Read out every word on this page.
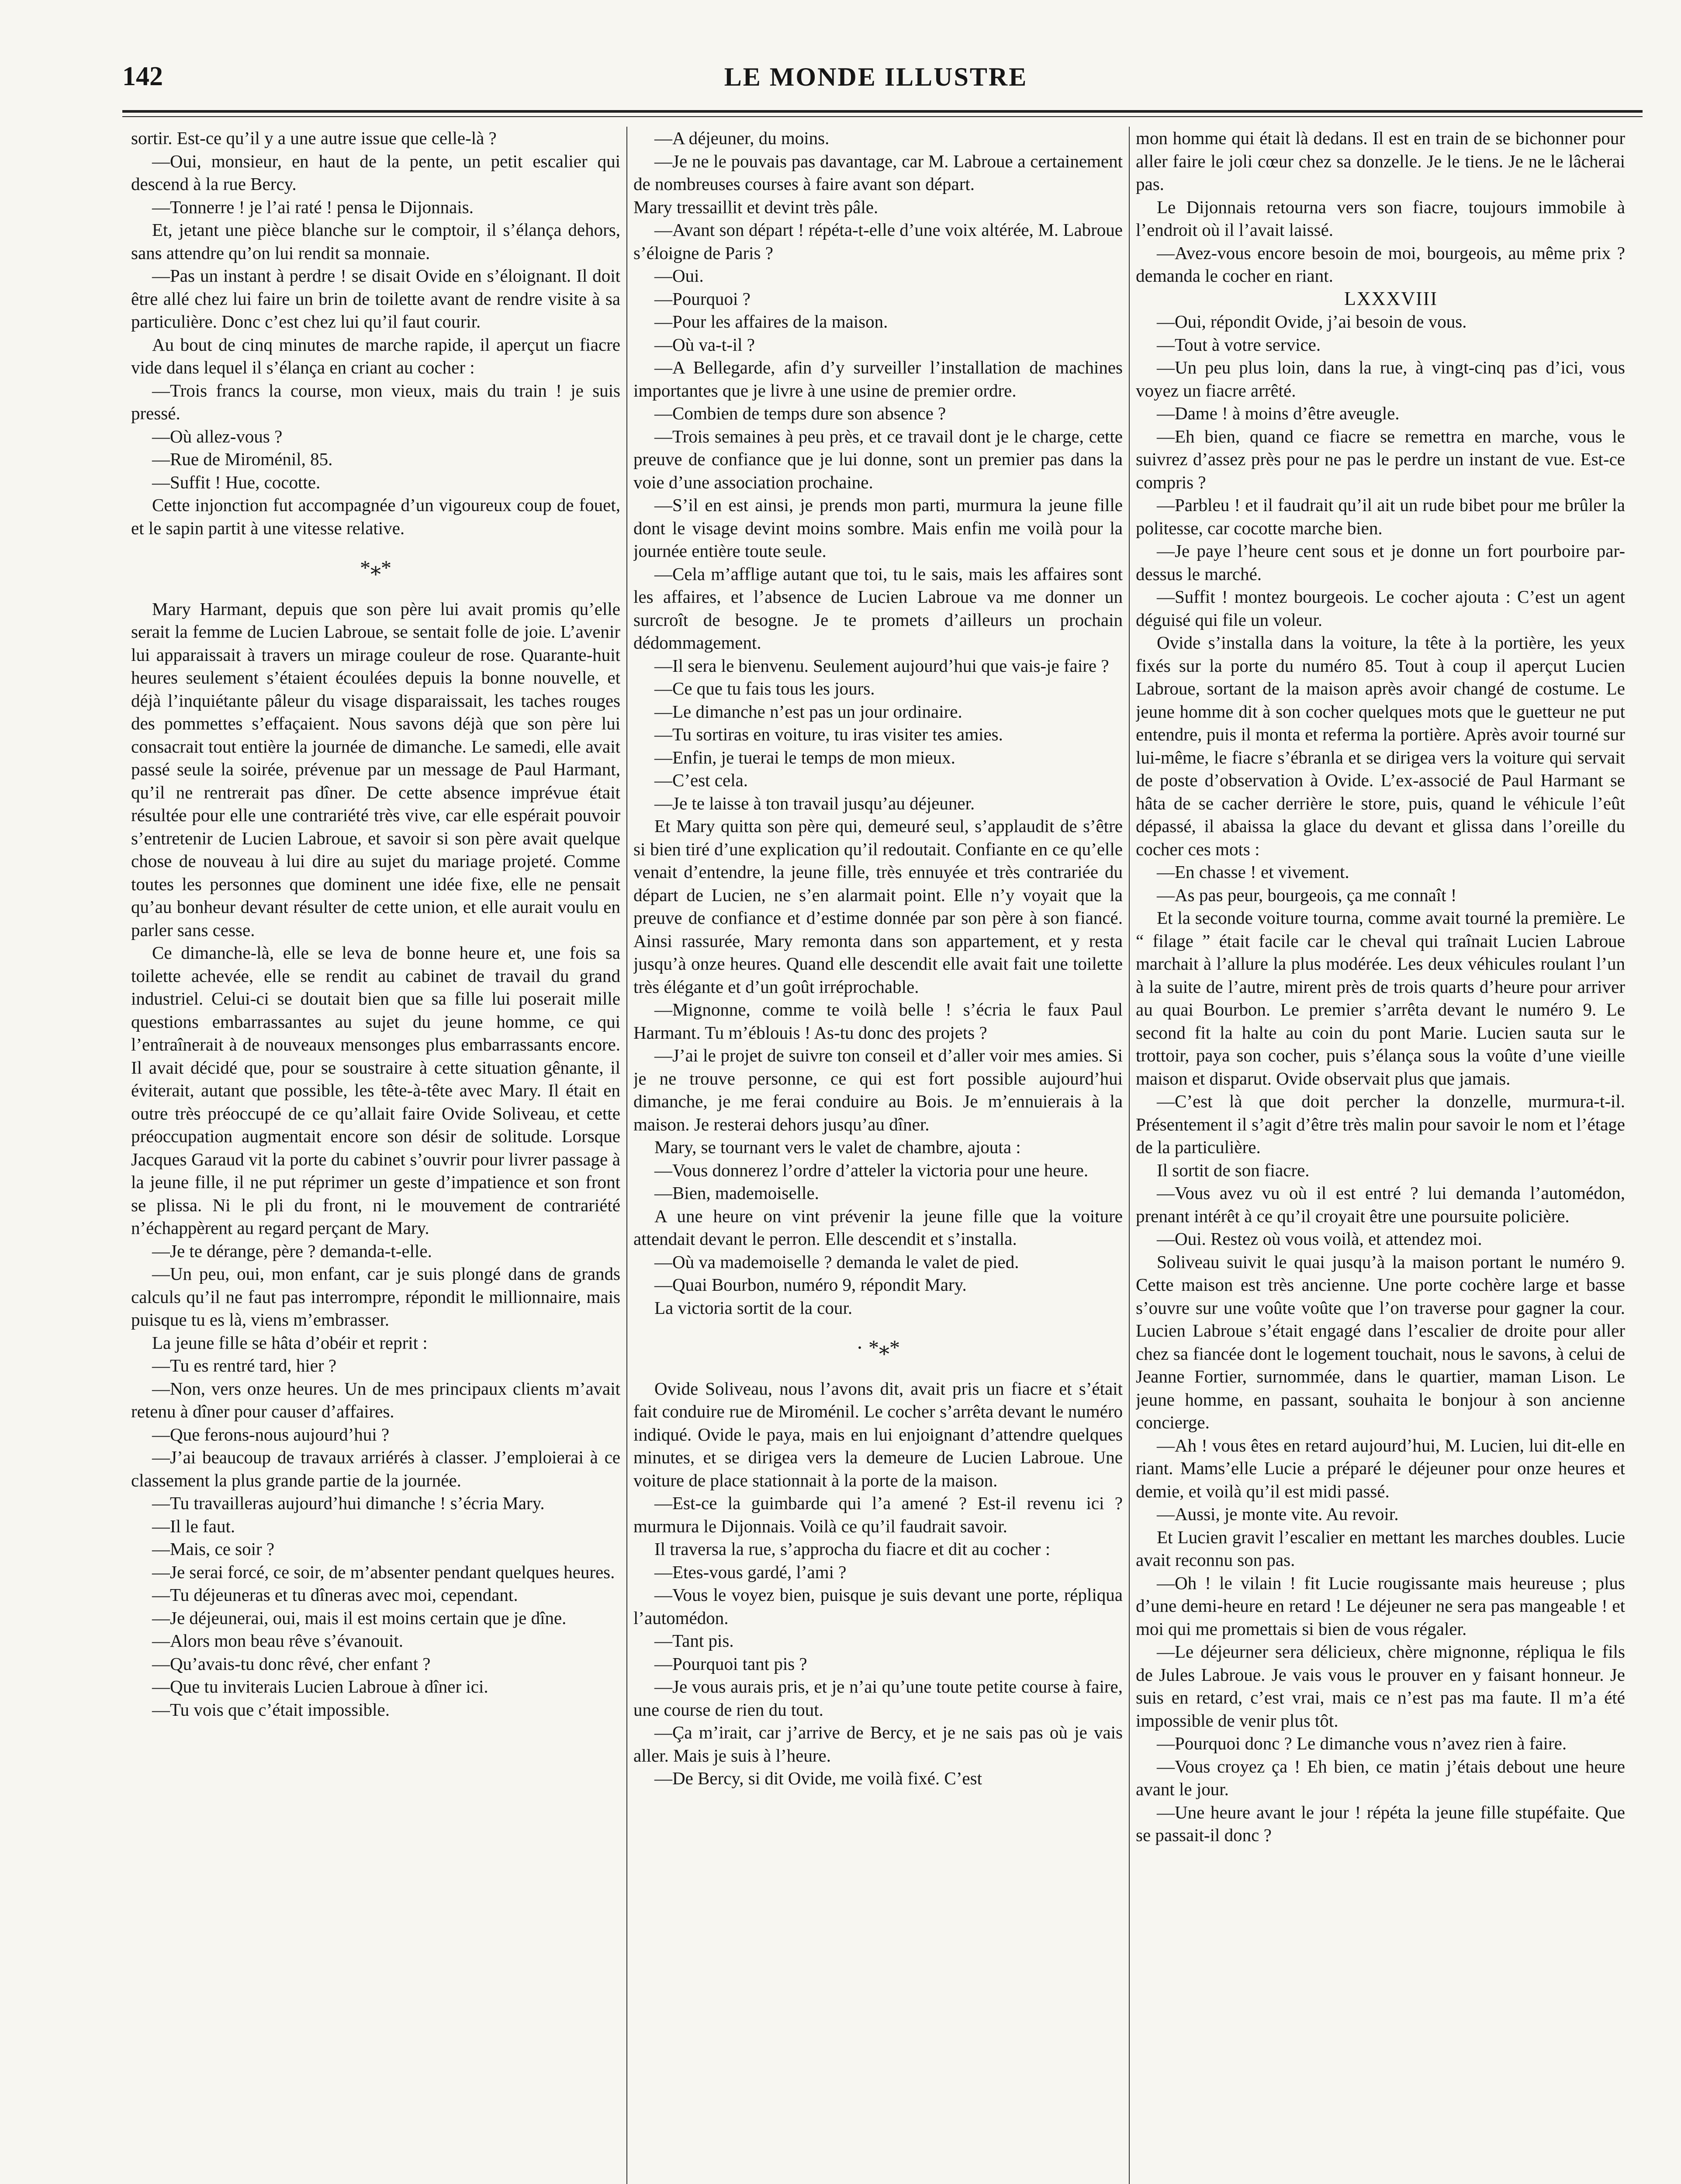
142	LE MONDE ILLUSTRE

sortir. Est-ce qu’il y a une autre issue que celle-là ?

—Oui, monsieur, en haut de la pente, un petit escalier qui descend à la rue Bercy.

—Tonnerre ! je l’ai raté ! pensa le Dijonnais.

Et, jetant une pièce blanche sur le comptoir, il s’élança dehors, sans attendre qu’on lui rendit sa monnaie.

—Pas un instant à perdre ! se disait Ovide en s’éloignant. Il doit être allé chez lui faire un brin de toilette avant de rendre visite à sa particulière. Donc c’est chez lui qu’il faut courir.

Au bout de cinq minutes de marche rapide, il aperçut un fiacre vide dans lequel il s’élança en criant au cocher :

—Trois francs la course, mon vieux, mais du train ! je suis pressé.

—Où allez-vous ?

—Rue de Miroménil, 85.

—Suffit ! Hue, cocotte.

Cette injonction fut accompagnée d’un vigoureux coup de fouet, et le sapin partit à une vitesse relative.

*⁎*

Mary Harmant, depuis que son père lui avait promis qu’elle serait la femme de Lucien Labroue, se sentait folle de joie. L’avenir lui apparaissait à travers un mirage couleur de rose. Quarante-huit heures seulement s’étaient écoulées depuis la bonne nouvelle, et déjà l’inquiétante pâleur du visage disparaissait, les taches rouges des pommettes s’effaçaient. Nous savons déjà que son père lui consacrait tout entière la journée de dimanche. Le samedi, elle avait passé seule la soirée, prévenue par un message de Paul Harmant, qu’il ne rentrerait pas dîner. De cette absence imprévue était résultée pour elle une contrariété très vive, car elle espérait pouvoir s’entretenir de Lucien Labroue, et savoir si son père avait quelque chose de nouveau à lui dire au sujet du mariage projeté. Comme toutes les personnes que dominent une idée fixe, elle ne pensait qu’au bonheur devant résulter de cette union, et elle aurait voulu en parler sans cesse.

Ce dimanche-là, elle se leva de bonne heure et, une fois sa toilette achevée, elle se rendit au cabinet de travail du grand industriel. Celui-ci se doutait bien que sa fille lui poserait mille questions embarrassantes au sujet du jeune homme, ce qui l’entraînerait à de nouveaux mensonges plus embarrassants encore. Il avait décidé que, pour se soustraire à cette situation gênante, il éviterait, autant que possible, les tête-à-tête avec Mary. Il était en outre très préoccupé de ce qu’allait faire Ovide Soliveau, et cette préoccupation augmentait encore son désir de solitude. Lorsque Jacques Garaud vit la porte du cabinet s’ouvrir pour livrer passage à la jeune fille, il ne put réprimer un geste d’impatience et son front se plissa. Ni le pli du front, ni le mouvement de contrariété n’échappèrent au regard perçant de Mary.

—Je te dérange, père ? demanda-t-elle.

—Un peu, oui, mon enfant, car je suis plongé dans de grands calculs qu’il ne faut pas interrompre, répondit le millionnaire, mais puisque tu es là, viens m’embrasser.

La jeune fille se hâta d’obéir et reprit :

—Tu es rentré tard, hier ?

—Non, vers onze heures. Un de mes principaux clients m’avait retenu à dîner pour causer d’affaires.

—Que ferons-nous aujourd’hui ?

—J’ai beaucoup de travaux arriérés à classer. J’emploierai à ce classement la plus grande partie de la journée.

—Tu travailleras aujourd’hui dimanche ! s’écria Mary.

—Il le faut.

—Mais, ce soir ?

—Je serai forcé, ce soir, de m’absenter pendant quelques heures.

—Tu déjeuneras et tu dîneras avec moi, cependant.

—Je déjeunerai, oui, mais il est moins certain que je dîne.

—Alors mon beau rêve s’évanouit.

—Qu’avais-tu donc rêvé, cher enfant ?

—Que tu inviterais Lucien Labroue à dîner ici.

—Tu vois que c’était impossible.

—A déjeuner, du moins.

—Je ne le pouvais pas davantage, car M. Labroue a certainement de nombreuses courses à faire avant son départ.

Mary tressaillit et devint très pâle.

—Avant son départ ! répéta-t-elle d’une voix altérée, M. Labroue s’éloigne de Paris ?

—Oui.

—Pourquoi ?

—Pour les affaires de la maison.

—Où va-t-il ?

—A Bellegarde, afin d’y surveiller l’installation de machines importantes que je livre à une usine de premier ordre.

—Combien de temps dure son absence ?

—Trois semaines à peu près, et ce travail dont je le charge, cette preuve de confiance que je lui donne, sont un premier pas dans la voie d’une association prochaine.

—S’il en est ainsi, je prends mon parti, murmura la jeune fille dont le visage devint moins sombre. Mais enfin me voilà pour la journée entière toute seule.

—Cela m’afflige autant que toi, tu le sais, mais les affaires sont les affaires, et l’absence de Lucien Labroue va me donner un surcroît de besogne. Je te promets d’ailleurs un prochain dédommagement.

—Il sera le bienvenu. Seulement aujourd’hui que vais-je faire ?

—Ce que tu fais tous les jours.

—Le dimanche n’est pas un jour ordinaire.

—Tu sortiras en voiture, tu iras visiter tes amies.

—Enfin, je tuerai le temps de mon mieux.

—C’est cela.

—Je te laisse à ton travail jusqu’au déjeuner.

Et Mary quitta son père qui, demeuré seul, s’applaudit de s’être si bien tiré d’une explication qu’il redoutait. Confiante en ce qu’elle venait d’entendre, la jeune fille, très ennuyée et très contrariée du départ de Lucien, ne s’en alarmait point. Elle n’y voyait que la preuve de confiance et d’estime donnée par son père à son fiancé. Ainsi rassurée, Mary remonta dans son appartement, et y resta jusqu’à onze heures. Quand elle descendit elle avait fait une toilette très élégante et d’un goût irréprochable.

—Mignonne, comme te voilà belle ! s’écria le faux Paul Harmant. Tu m’éblouis ! As-tu donc des projets ?

—J’ai le projet de suivre ton conseil et d’aller voir mes amies. Si je ne trouve personne, ce qui est fort possible aujourd’hui dimanche, je me ferai conduire au Bois. Je m’ennuierais à la maison. Je resterai dehors jusqu’au dîner.

Mary, se tournant vers le valet de chambre, ajouta :

—Vous donnerez l’ordre d’atteler la victoria pour une heure.

—Bien, mademoiselle.

A une heure on vint prévenir la jeune fille que la voiture attendait devant le perron. Elle descendit et s’installa.

—Où va mademoiselle ? demanda le valet de pied.

—Quai Bourbon, numéro 9, répondit Mary.

La victoria sortit de la cour.

· *⁎*

Ovide Soliveau, nous l’avons dit, avait pris un fiacre et s’était fait conduire rue de Miroménil. Le cocher s’arrêta devant le numéro indiqué. Ovide le paya, mais en lui enjoignant d’attendre quelques minutes, et se dirigea vers la demeure de Lucien Labroue. Une voiture de place stationnait à la porte de la maison.

—Est-ce la guimbarde qui l’a amené ? Est-il revenu ici ? murmura le Dijonnais. Voilà ce qu’il faudrait savoir.

Il traversa la rue, s’approcha du fiacre et dit au cocher :

—Etes-vous gardé, l’ami ?

—Vous le voyez bien, puisque je suis devant une porte, répliqua l’automédon.

—Tant pis.

—Pourquoi tant pis ?

—Je vous aurais pris, et je n’ai qu’une toute petite course à faire, une course de rien du tout.

—Ça m’irait, car j’arrive de Bercy, et je ne sais pas où je vais aller. Mais je suis à l’heure.

—De Bercy, si dit Ovide, me voilà fixé. C’est

mon homme qui était là dedans. Il est en train de se bichonner pour aller faire le joli cœur chez sa donzelle. Je le tiens. Je ne le lâcherai pas.

Le Dijonnais retourna vers son fiacre, toujours immobile à l’endroit où il l’avait laissé.

—Avez-vous encore besoin de moi, bourgeois, au même prix ? demanda le cocher en riant.

LXXXVIII

—Oui, répondit Ovide, j’ai besoin de vous.

—Tout à votre service.

—Un peu plus loin, dans la rue, à vingt-cinq pas d’ici, vous voyez un fiacre arrêté.

—Dame ! à moins d’être aveugle.

—Eh bien, quand ce fiacre se remettra en marche, vous le suivrez d’assez près pour ne pas le perdre un instant de vue. Est-ce compris ?

—Parbleu ! et il faudrait qu’il ait un rude bibet pour me brûler la politesse, car cocotte marche bien.

—Je paye l’heure cent sous et je donne un fort pourboire par-dessus le marché.

—Suffit ! montez bourgeois. Le cocher ajouta : C’est un agent déguisé qui file un voleur.

Ovide s’installa dans la voiture, la tête à la portière, les yeux fixés sur la porte du numéro 85. Tout à coup il aperçut Lucien Labroue, sortant de la maison après avoir changé de costume. Le jeune homme dit à son cocher quelques mots que le guetteur ne put entendre, puis il monta et referma la portière. Après avoir tourné sur lui-même, le fiacre s’ébranla et se dirigea vers la voiture qui servait de poste d’observation à Ovide. L’ex-associé de Paul Harmant se hâta de se cacher derrière le store, puis, quand le véhicule l’eût dépassé, il abaissa la glace du devant et glissa dans l’oreille du cocher ces mots :

—En chasse ! et vivement.

—As pas peur, bourgeois, ça me connaît !

Et la seconde voiture tourna, comme avait tourné la première. Le “ filage ” était facile car le cheval qui traînait Lucien Labroue marchait à l’allure la plus modérée. Les deux véhicules roulant l’un à la suite de l’autre, mirent près de trois quarts d’heure pour arriver au quai Bourbon. Le premier s’arrêta devant le numéro 9. Le second fit la halte au coin du pont Marie. Lucien sauta sur le trottoir, paya son cocher, puis s’élança sous la voûte d’une vieille maison et disparut. Ovide observait plus que jamais.

—C’est là que doit percher la donzelle, murmura-t-il. Présentement il s’agit d’être très malin pour savoir le nom et l’étage de la particulière.

Il sortit de son fiacre.

—Vous avez vu où il est entré ? lui demanda l’automédon, prenant intérêt à ce qu’il croyait être une poursuite policière.

—Oui. Restez où vous voilà, et attendez moi.

Soliveau suivit le quai jusqu’à la maison portant le numéro 9. Cette maison est très ancienne. Une porte cochère large et basse s’ouvre sur une voûte voûte que l’on traverse pour gagner la cour. Lucien Labroue s’était engagé dans l’escalier de droite pour aller chez sa fiancée dont le logement touchait, nous le savons, à celui de Jeanne Fortier, surnommée, dans le quartier, maman Lison. Le jeune homme, en passant, souhaita le bonjour à son ancienne concierge.

—Ah ! vous êtes en retard aujourd’hui, M. Lucien, lui dit-elle en riant. Mams’elle Lucie a préparé le déjeuner pour onze heures et demie, et voilà qu’il est midi passé.

—Aussi, je monte vite. Au revoir.

Et Lucien gravit l’escalier en mettant les marches doubles. Lucie avait reconnu son pas.

—Oh ! le vilain ! fit Lucie rougissante mais heureuse ; plus d’une demi-heure en retard ! Le déjeuner ne sera pas mangeable ! et moi qui me promettais si bien de vous régaler.

—Le déjeurner sera délicieux, chère mignonne, répliqua le fils de Jules Labroue. Je vais vous le prouver en y faisant honneur. Je suis en retard, c’est vrai, mais ce n’est pas ma faute. Il m’a été impossible de venir plus tôt.

—Pourquoi donc ? Le dimanche vous n’avez rien à faire.

—Vous croyez ça ! Eh bien, ce matin j’étais debout une heure avant le jour.

—Une heure avant le jour ! répéta la jeune fille stupéfaite. Que se passait-il donc ?
